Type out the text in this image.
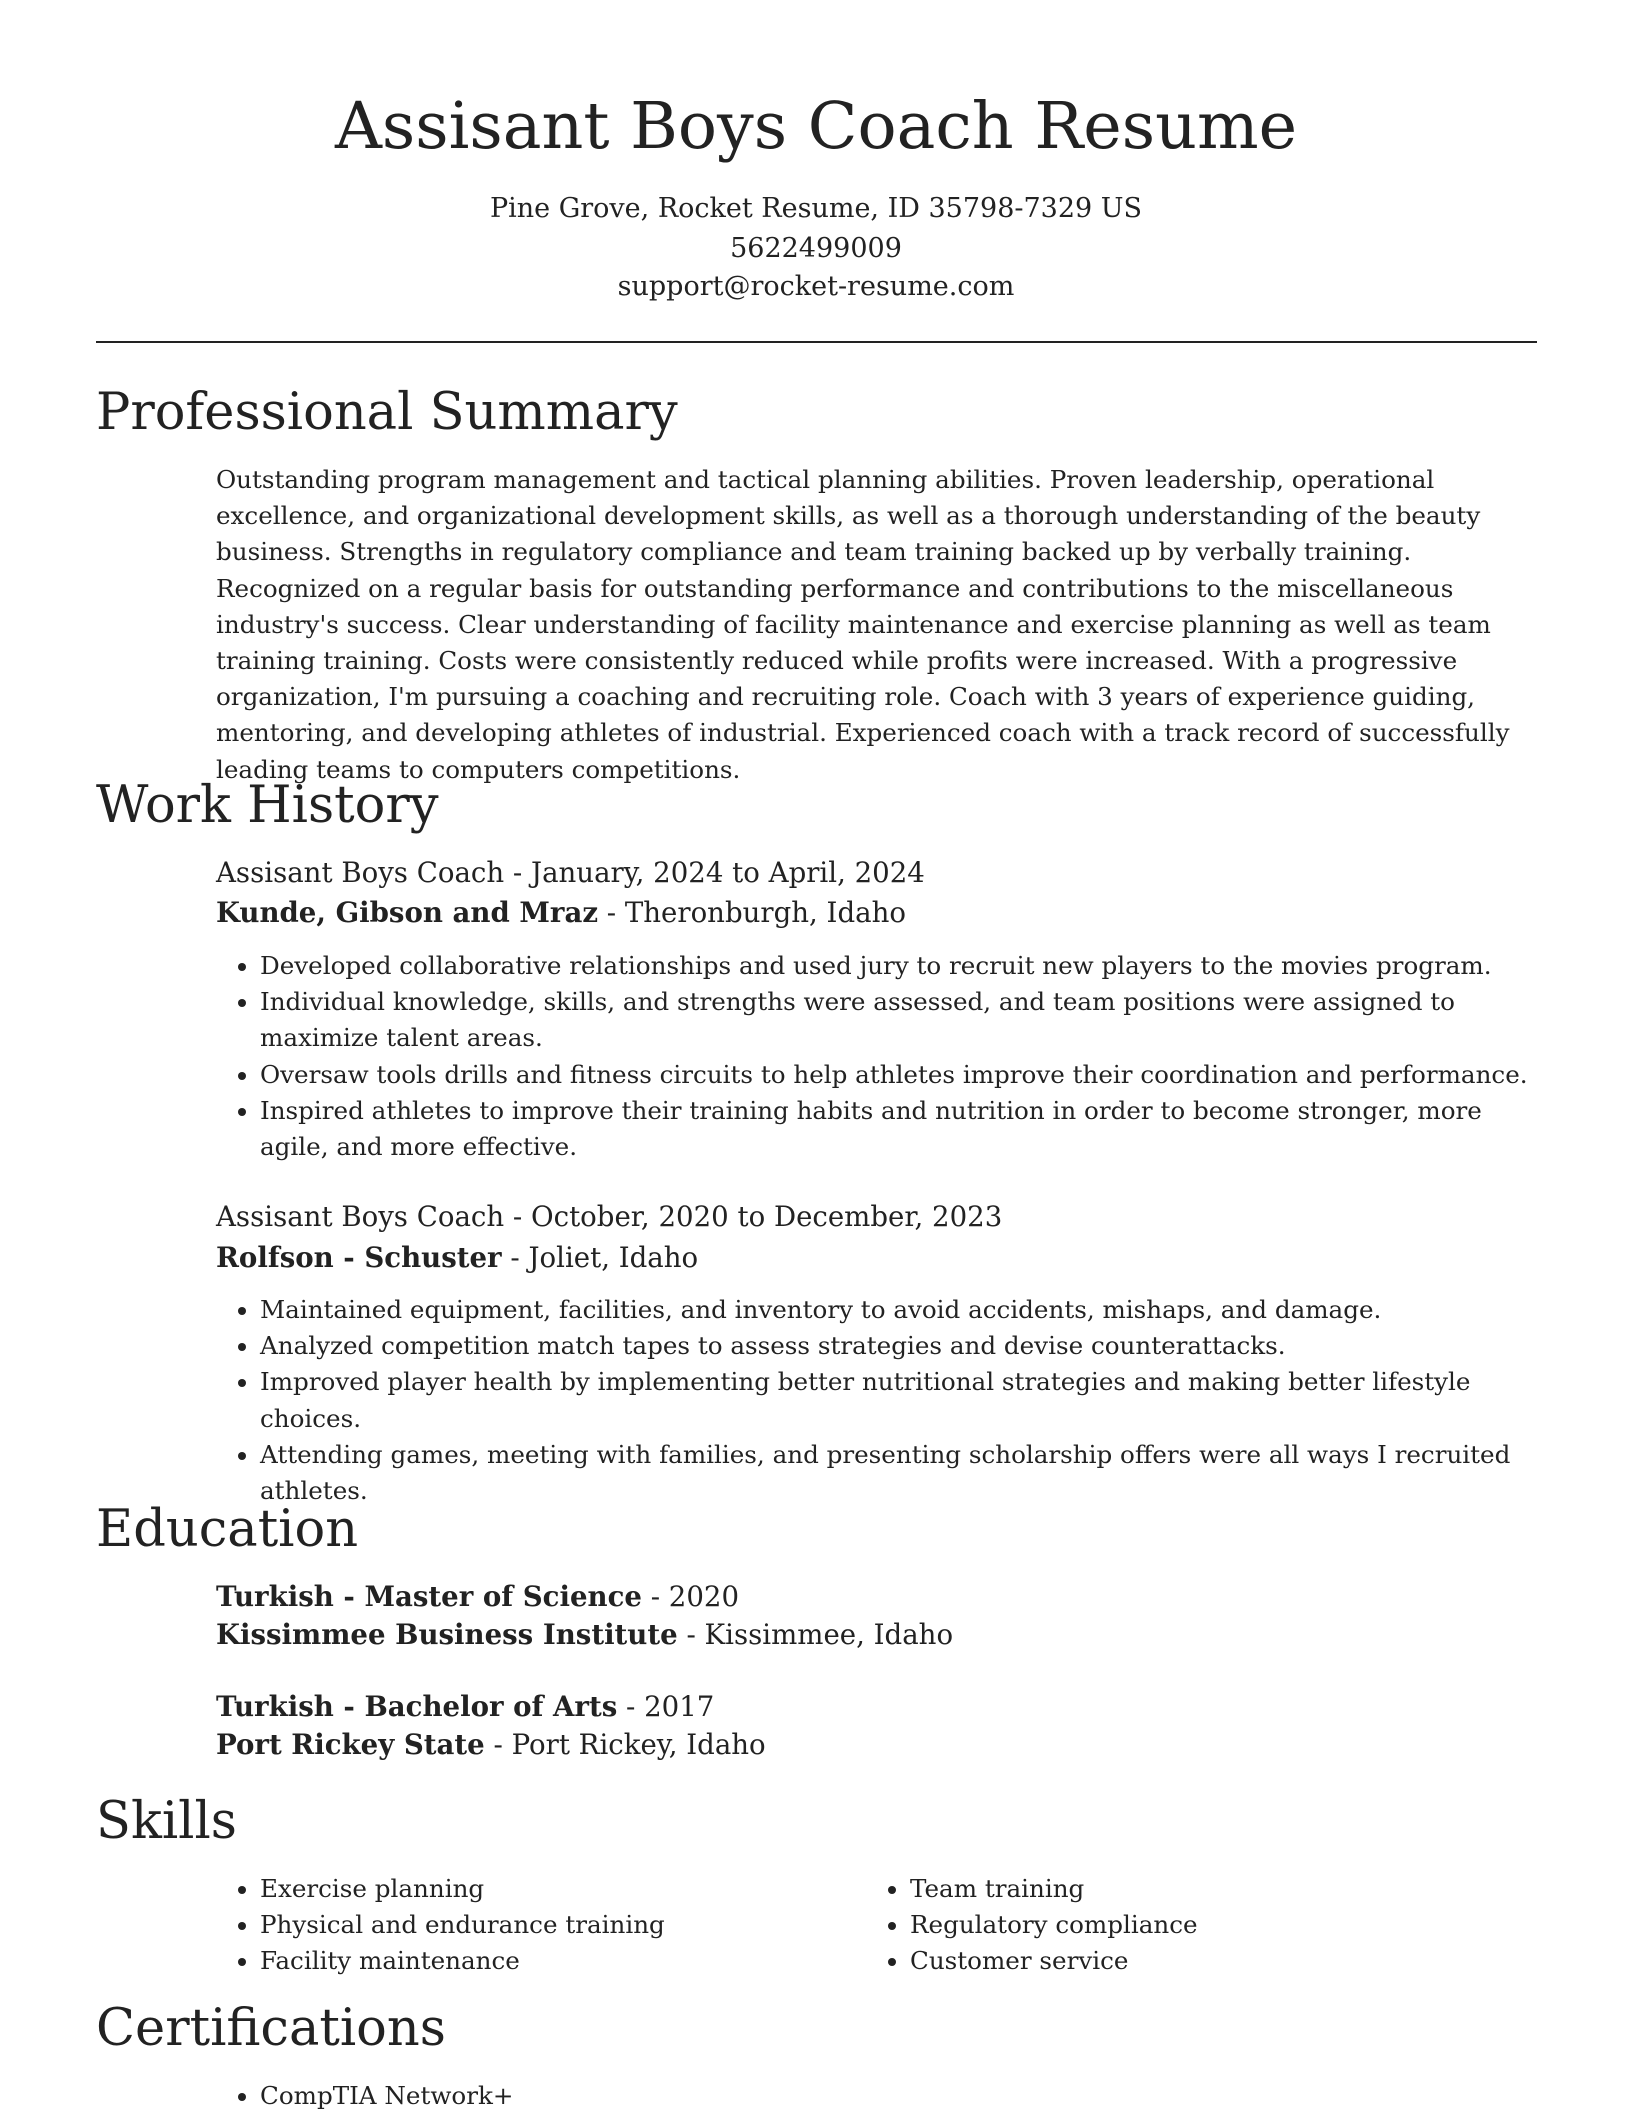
Assisant Boys Coach Resume
Pine Grove, Rocket Resume, ID 35798-7329 US
5622499009
support@rocket-resume.com
Professional Summary

Outstanding program management and tactical planning abilities. Proven leadership, operational excellence, and organizational development skills, as well as a thorough understanding of the beauty business. Strengths in regulatory compliance and team training backed up by verbally training. Recognized on a regular basis for outstanding performance and contributions to the miscellaneous industry's success. Clear understanding of facility maintenance and exercise planning as well as team training training. Costs were consistently reduced while profits were increased. With a progressive organization, I'm pursuing a coaching and recruiting role. Coach with 3 years of experience guiding, mentoring, and developing athletes of industrial. Experienced coach with a track record of successfully leading teams to computers competitions.

Work History
Assisant Boys Coach - January, 2024 to April, 2024
Kunde, Gibson and Mraz - Theronburgh, Idaho
• Developed collaborative relationships and used jury to recruit new players to the movies program.
• Individual knowledge, skills, and strengths were assessed, and team positions were assigned to maximize talent areas.
• Oversaw tools drills and fitness circuits to help athletes improve their coordination and performance.
• Inspired athletes to improve their training habits and nutrition in order to become stronger, more agile, and more effective.
Assisant Boys Coach - October, 2020 to December, 2023
Rolfson - Schuster - Joliet, Idaho
• Maintained equipment, facilities, and inventory to avoid accidents, mishaps, and damage.
• Analyzed competition match tapes to assess strategies and devise counterattacks.
• Improved player health by implementing better nutritional strategies and making better lifestyle choices.
• Attending games, meeting with families, and presenting scholarship offers were all ways I recruited athletes.
Education
Turkish - Master of Science - 2020
Kissimmee Business Institute - Kissimmee, Idaho
Turkish - Bachelor of Arts - 2017
Port Rickey State - Port Rickey, Idaho
Skills
• Exercise planning
• Physical and endurance training
• Facility maintenance
• Team training
• Regulatory compliance
• Customer service
Certifications
• CompTIA Network+
